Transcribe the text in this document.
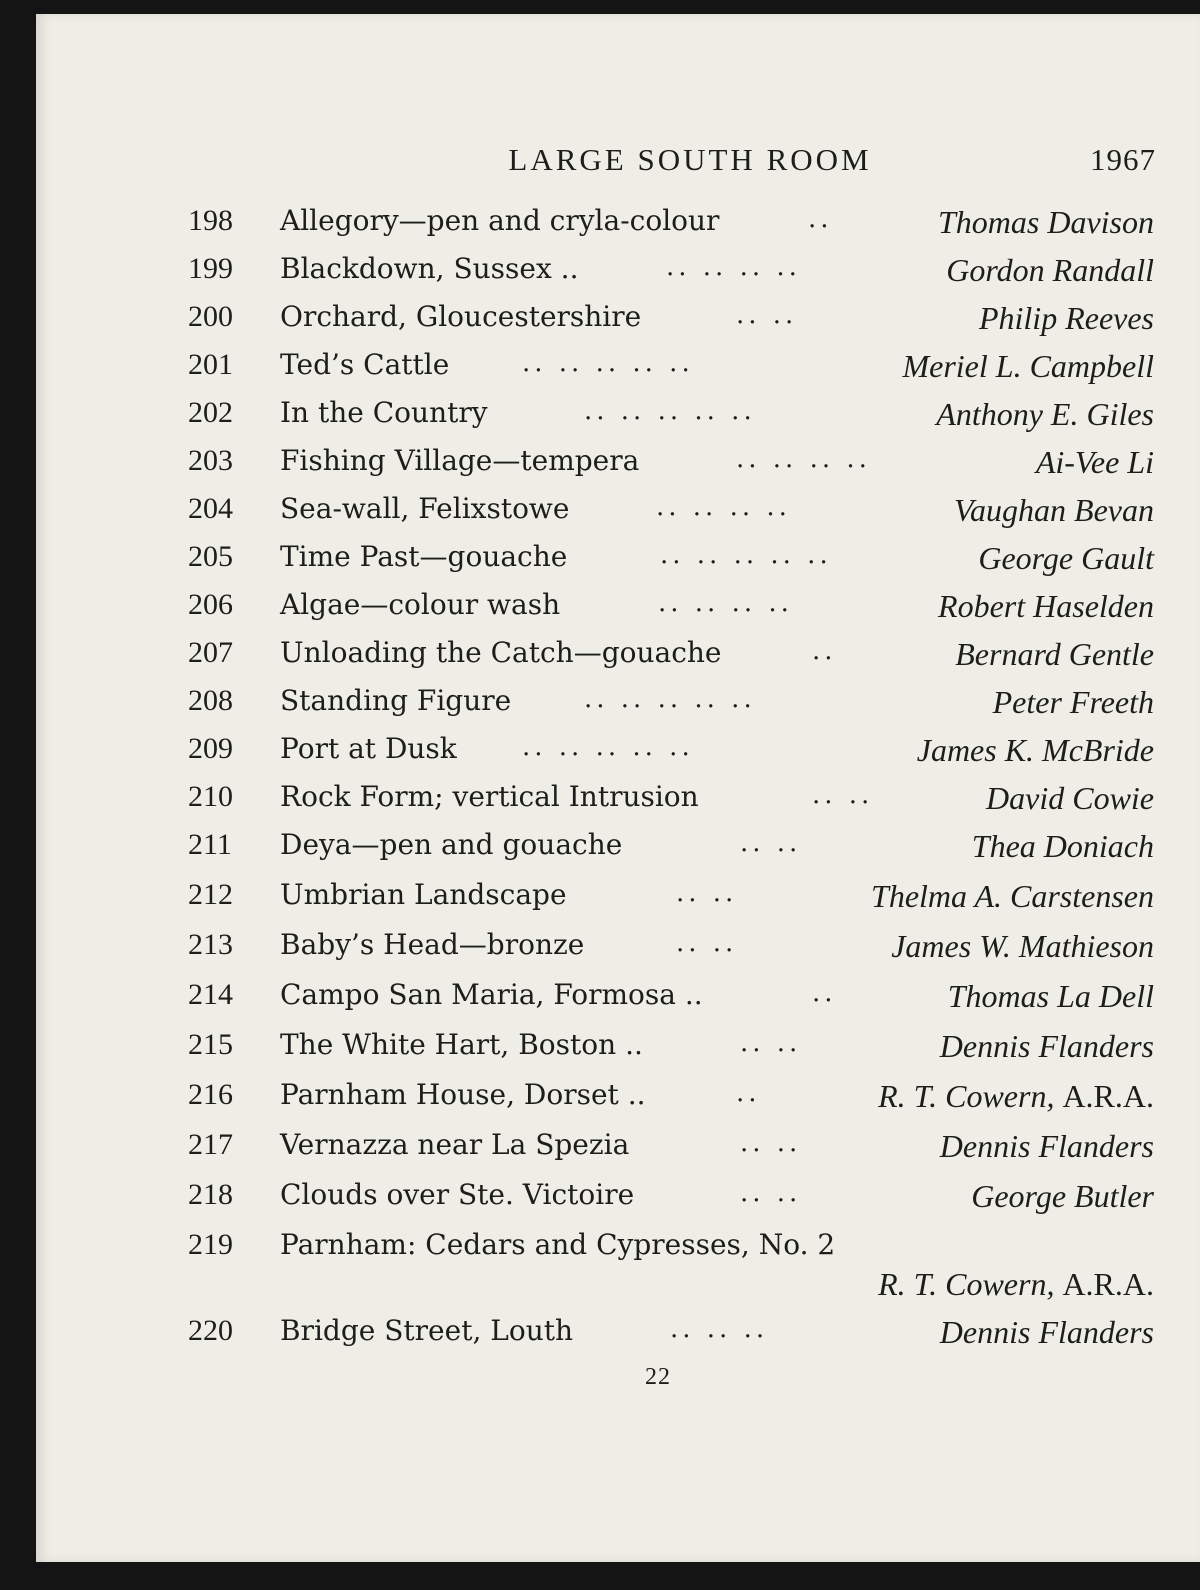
LARGE SOUTH ROOM	1967
198	Allegory—pen and cryla-colour	..	Thomas Davison
199	Blackdown, Sussex ..	.. .. .. ..	Gordon Randall
200	Orchard, Gloucestershire	.. ..	Philip Reeves
201	Ted’s Cattle	.. .. .. .. ..	Meriel L. Campbell
202	In the Country	.. .. .. .. ..	Anthony E. Giles
203	Fishing Village—tempera	.. .. .. ..	Ai-Vee Li
204	Sea-wall, Felixstowe	.. .. .. ..	Vaughan Bevan
205	Time Past—gouache	.. .. .. .. ..	George Gault
206	Algae—colour wash	.. .. .. ..	Robert Haselden
207	Unloading the Catch—gouache	..	Bernard Gentle
208	Standing Figure	.. .. .. .. ..	Peter Freeth
209	Port at Dusk	.. .. .. .. ..	James K. McBride
210	Rock Form; vertical Intrusion	.. ..	David Cowie
211	Deya—pen and gouache	.. ..	Thea Doniach
212	Umbrian Landscape	.. ..	Thelma A. Carstensen
213	Baby’s Head—bronze	.. ..	James W. Mathieson
214	Campo San Maria, Formosa ..	..	Thomas La Dell
215	The White Hart, Boston ..	.. ..	Dennis Flanders
216	Parnham House, Dorset ..	..	R. T. Cowern, A.R.A.
217	Vernazza near La Spezia	.. ..	Dennis Flanders
218	Clouds over Ste. Victoire	.. ..	George Butler
219	Parnham: Cedars and Cypresses, No. 2
R. T. Cowern, A.R.A.
220	Bridge Street, Louth	.. .. ..	Dennis Flanders
22
